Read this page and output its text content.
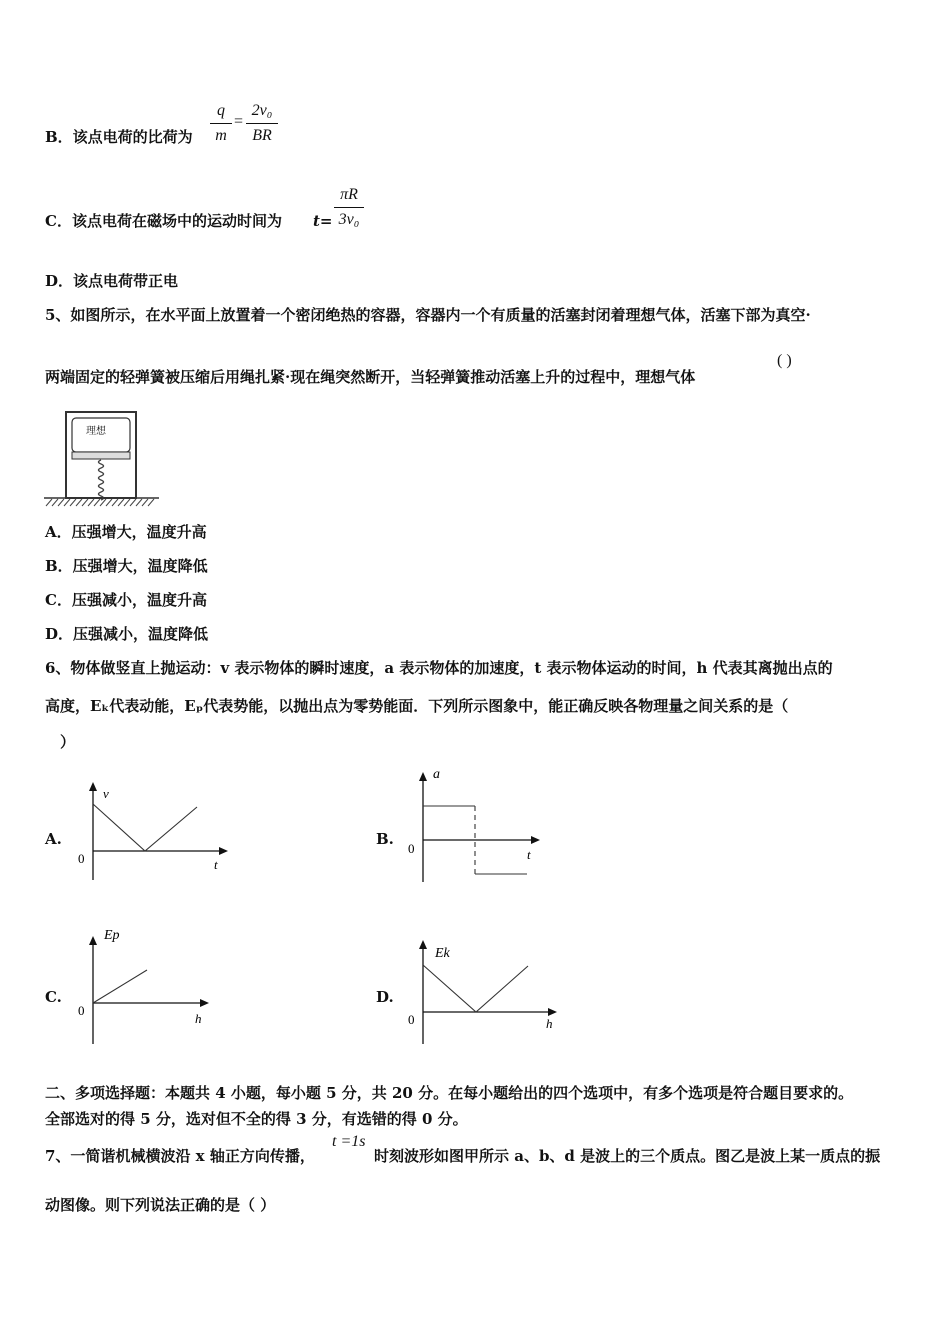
B．该点电荷的比荷为
q
m
=
2v₀
BR
C．该点电荷在磁场中的运动时间为 t=
πR
3v₀
D．该点电荷带正电
5、如图所示，在水平面上放置着一个密闭绝热的容器，容器内一个有质量的活塞封闭着理想气体，活塞下部为真空·
两端固定的轻弹簧被压缩后用绳扎紧·现在绳突然断开，当轻弹簧推动活塞上升的过程中，理想气体
( )
理想
A．压强增大，温度升高
B．压强增大，温度降低
C．压强减小，温度升高
D．压强减小，温度降低
6、物体做竖直上抛运动：v 表示物体的瞬时速度，a 表示物体的加速度，t 表示物体运动的时间，h 代表其离抛出点的
高度，Eₖ代表动能，Eₚ代表势能，以抛出点为零势能面．下列所示图象中，能正确反映各物理量之间关系的是（
）
A.
v
0	t
B.
a
0	t
C.
Ep
0
h
D.
Ek
0	h
二、多项选择题：本题共 4 小题，每小题 5 分，共 20 分。在每小题给出的四个选项中，有多个选项是符合题目要求的。
全部选对的得 5 分，选对但不全的得 3 分，有选错的得 0 分。
7、一简谐机械横波沿 x 轴正方向传播，
t =1s
时刻波形如图甲所示 a、b、d 是波上的三个质点。图乙是波上某一质点的振
动图像。则下列说法正确的是（ ）
